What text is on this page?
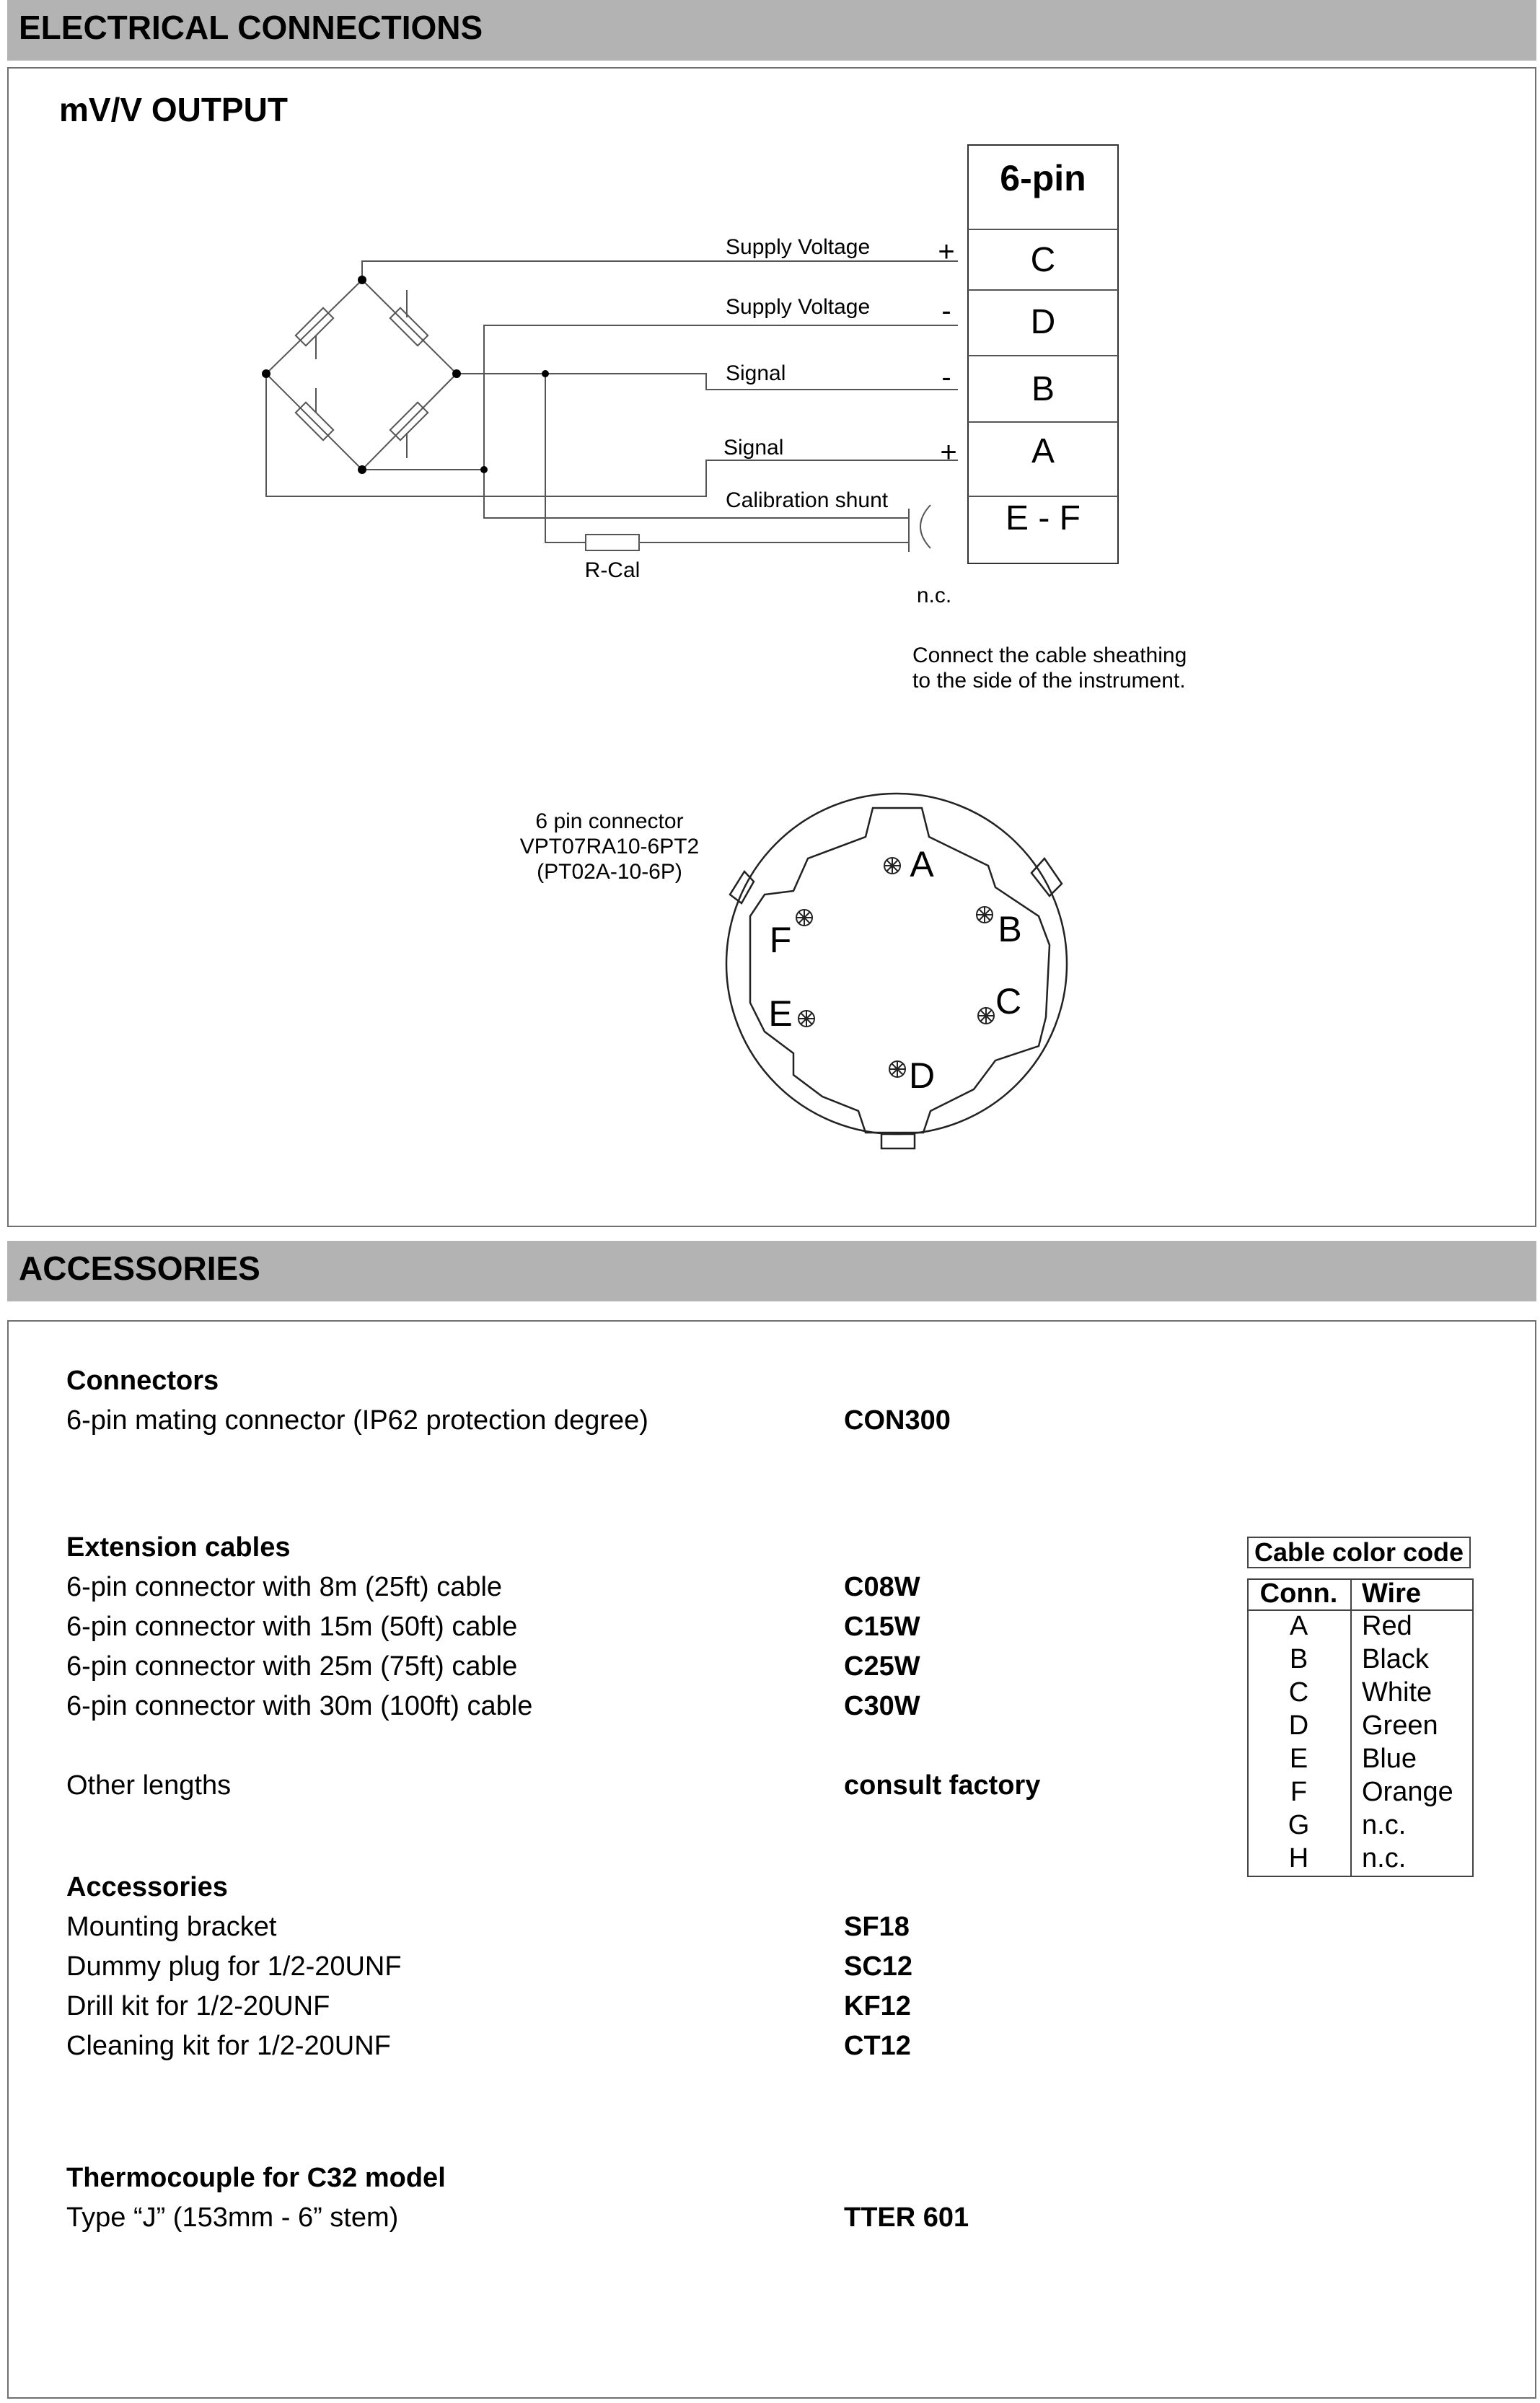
ELECTRICAL CONNECTIONS
mV/V OUTPUT
6-pin
C
D
B
A
E - F
Supply Voltage
Supply Voltage
Signal
Signal
Calibration shunt
+
-
-
+
R-Cal
n.c.
Connect the cable sheathing
to the side of the instrument.
6 pin connector
VPT07RA10-6PT2
(PT02A-10-6P)	A
B
C
D
E
F
ACCESSORIES
Connectors
6-pin mating connector (IP62 protection degree)	CON300
Extension cables
6-pin connector with 8m (25ft) cable	C08W
6-pin connector with 15m (50ft) cable	C15W
6-pin connector with 25m (75ft) cable	C25W
6-pin connector with 30m (100ft) cable	C30W
Other lengths	consult factory
Accessories
Mounting bracket	SF18
Dummy plug for 1/2-20UNF	SC12
Drill kit for 1/2-20UNF	KF12
Cleaning kit for 1/2-20UNF	CT12
Thermocouple for C32 model
Type “J” (153mm - 6” stem)	TTER 601
Cable color code
Conn. Wire
A	Red
B	Black
C	White
D	Green
E	Blue
F	Orange
G	n.c.
H	n.c.
